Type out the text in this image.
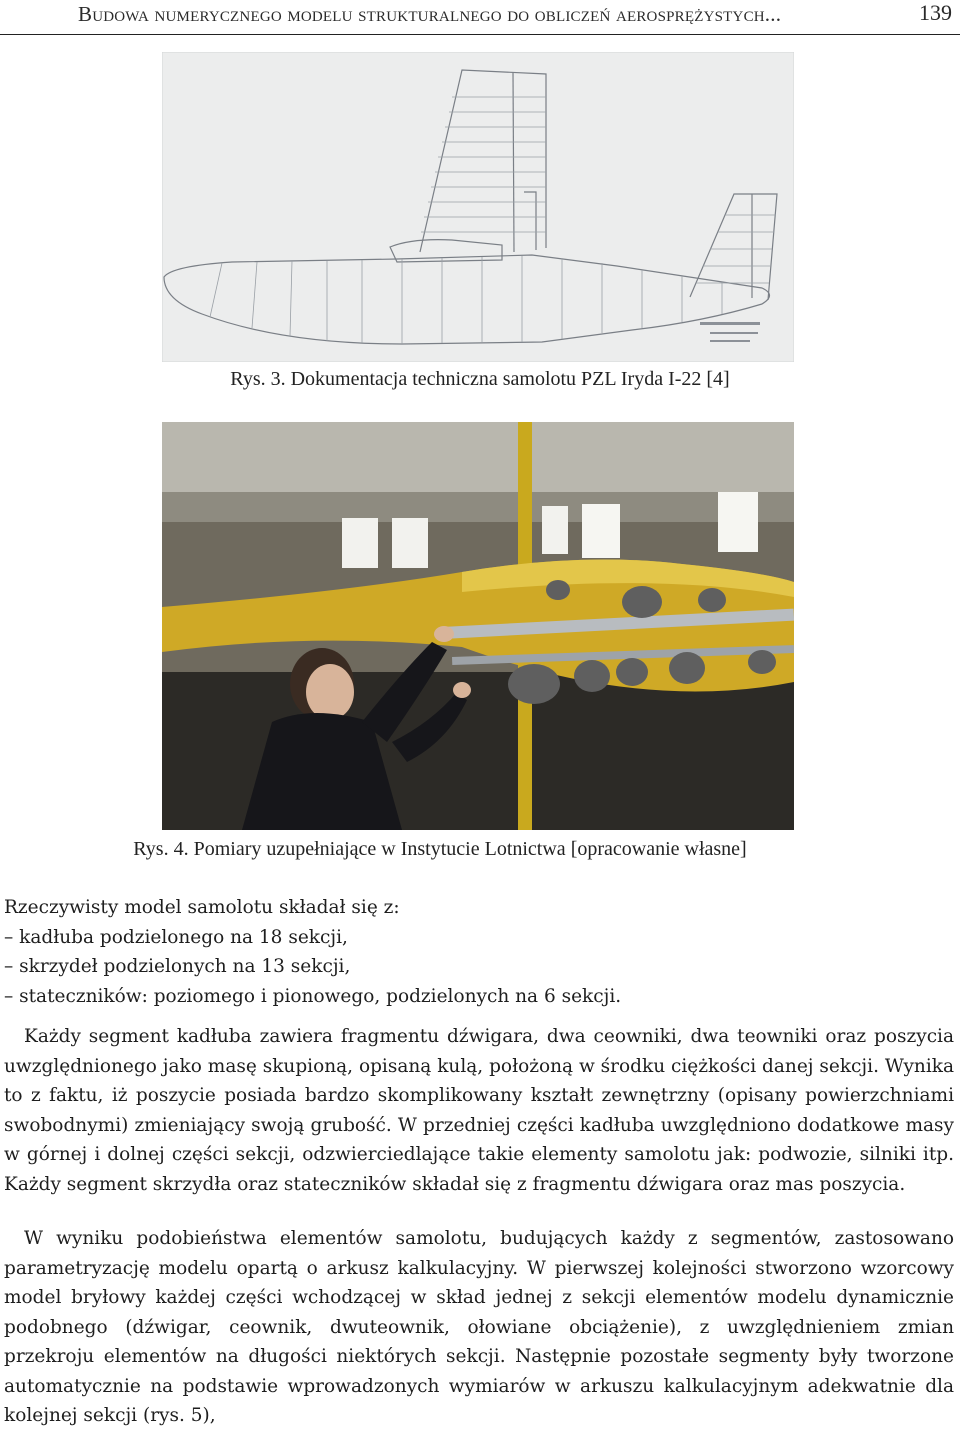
Budowa numerycznego modelu strukturalnego do obliczeń aerosprężystych...	139
Rys. 3. Dokumentacja techniczna samolotu PZL Iryda I-22 [4]
Rys. 4. Pomiary uzupełniające w Instytucie Lotnictwa [opracowanie własne]
Rzeczywisty model samolotu składał się z:
– kadłuba podzielonego na 18 sekcji,
– skrzydeł podzielonych na 13 sekcji,
– stateczników: poziomego i pionowego, podzielonych na 6 sekcji.

Każdy segment kadłuba zawiera fragmentu dźwigara, dwa ceowniki, dwa teowniki oraz poszycia uwzględnionego jako masę skupioną, opisaną kulą, położoną w środku ciężkości danej sekcji. Wynika to z faktu, iż poszycie posiada bardzo skomplikowany kształt zewnętrzny (opisany powierzchniami swobodnymi) zmieniający swoją grubość. W przedniej części kadłuba uwzględniono dodatkowe masy w górnej i dolnej części sekcji, odzwierciedlające takie elementy samolotu jak: podwozie, silniki itp. Każdy segment skrzydła oraz stateczników składał się z fragmentu dźwigara oraz mas poszycia.

W wyniku podobieństwa elementów samolotu, budujących każdy z segmentów, zastosowano parametryzację modelu opartą o arkusz kalkulacyjny. W pierwszej kolejności stworzono wzorcowy model bryłowy każdej części wchodzącej w skład jednej z sekcji elementów modelu dynamicznie podobnego (dźwigar, ceownik, dwuteownik, ołowiane obciążenie), z uwzględnieniem zmian przekroju elementów na długości niektórych sekcji. Następnie pozostałe segmenty były tworzone automatycznie na podstawie wprowadzonych wymiarów w arkuszu kalkulacyjnym adekwatnie dla kolejnej sekcji (rys. 5),
